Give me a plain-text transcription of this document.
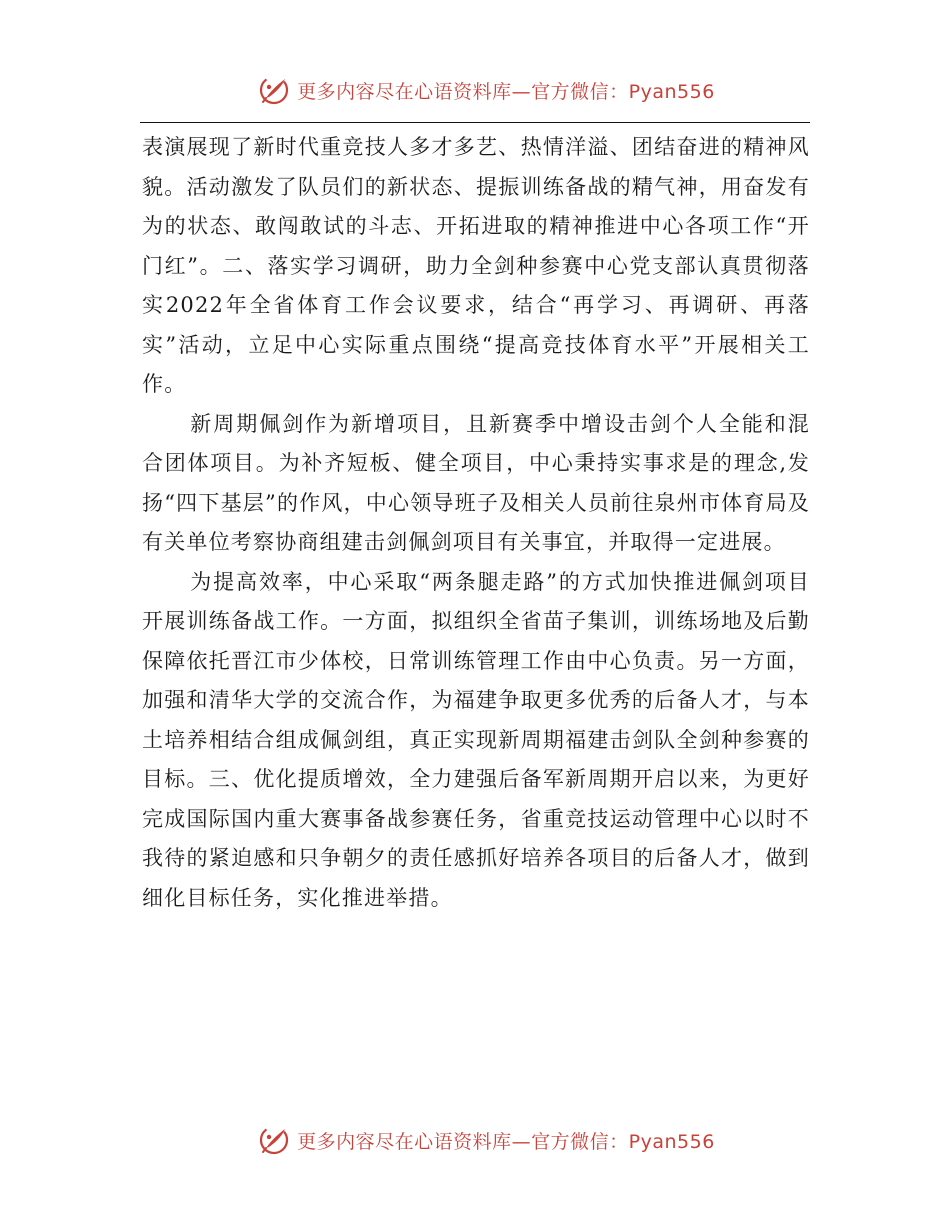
更多内容尽在心语资料库—官方微信：Pyan556

表演展现了新时代重竞技人多才多艺、热情洋溢、团结奋进的精神风貌。活动激发了队员们的新状态、提振训练备战的精气神，用奋发有为的状态、敢闯敢试的斗志、开拓进取的精神推进中心各项工作“开门红”。二、落实学习调研，助力全剑种参赛中心党支部认真贯彻落实2022年全省体育工作会议要求，结合“再学习、再调研、再落实”活动，立足中心实际重点围绕“提高竞技体育水平”开展相关工作。

新周期佩剑作为新增项目，且新赛季中增设击剑个人全能和混合团体项目。为补齐短板、健全项目，中心秉持实事求是的理念,发扬“四下基层”的作风，中心领导班子及相关人员前往泉州市体育局及有关单位考察协商组建击剑佩剑项目有关事宜，并取得一定进展。

为提高效率，中心采取“两条腿走路”的方式加快推进佩剑项目开展训练备战工作。一方面，拟组织全省苗子集训，训练场地及后勤保障依托晋江市少体校，日常训练管理工作由中心负责。另一方面，加强和清华大学的交流合作，为福建争取更多优秀的后备人才，与本土培养相结合组成佩剑组，真正实现新周期福建击剑队全剑种参赛的目标。三、优化提质增效，全力建强后备军新周期开启以来，为更好完成国际国内重大赛事备战参赛任务，省重竞技运动管理中心以时不我待的紧迫感和只争朝夕的责任感抓好培养各项目的后备人才，做到细化目标任务，实化推进举措。

更多内容尽在心语资料库—官方微信：Pyan556
